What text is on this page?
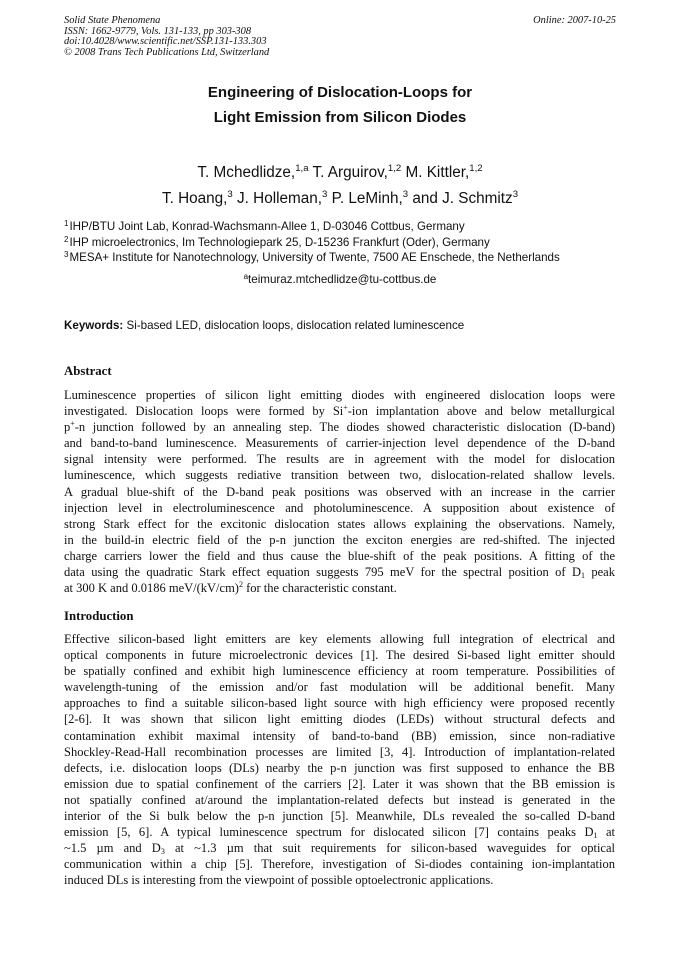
Solid State Phenomena
ISSN: 1662-9779, Vols. 131-133, pp 303-308
doi:10.4028/www.scientific.net/SSP.131-133.303
© 2008 Trans Tech Publications Ltd, Switzerland
Online: 2007-10-25
Engineering of Dislocation-Loops for
Light Emission from Silicon Diodes
T. Mchedlidze,$^{1,a}$ T. Arguirov,$^{1,2}$ M. Kittler,$^{1,2}$
T. Hoang,$^3$ J. Holleman,$^3$ P. LeMinh,$^3$ and J. Schmitz$^3$
$^1$IHP/BTU Joint Lab, Konrad-Wachsmann-Allee 1, D-03046 Cottbus, Germany
$^2$IHP microelectronics, Im Technologiepark 25, D-15236 Frankfurt (Oder), Germany
$^3$MESA+ Institute for Nanotechnology, University of Twente, 7500 AE Enschede, the Netherlands
$^a$teimuraz.mtchedlidze@tu-cottbus.de
Keywords: Si-based LED, dislocation loops, dislocation related luminescence
Abstract
Luminescence properties of silicon light emitting diodes with engineered dislocation loops were
investigated. Dislocation loops were formed by Si+-ion implantation above and below metallurgical
p+-n junction followed by an annealing step. The diodes showed characteristic dislocation (D-band)
and band-to-band luminescence. Measurements of carrier-injection level dependence of the D-band
signal intensity were performed. The results are in agreement with the model for dislocation
luminescence, which suggests rediative transition between two, dislocation-related shallow levels.
A gradual blue-shift of the D-band peak positions was observed with an increase in the carrier
injection level in electroluminescence and photoluminescence. A supposition about existence of
strong Stark effect for the excitonic dislocation states allows explaining the observations. Namely,
in the build-in electric field of the p-n junction the exciton energies are red-shifted. The injected
charge carriers lower the field and thus cause the blue-shift of the peak positions. A fitting of the
data using the quadratic Stark effect equation suggests 795 meV for the spectral position of $D_1$ peak
at 300 K and 0.0186 meV/$(kV/cm)^2$ for the characteristic constant.
Introduction
Effective silicon-based light emitters are key elements allowing full integration of electrical and
optical components in future microelectronic devices [1]. The desired Si-based light emitter should
be spatially confined and exhibit high luminescence efficiency at room temperature. Possibilities of
wavelength-tuning of the emission and/or fast modulation will be additional benefit. Many
approaches to find a suitable silicon-based light source with high efficiency were proposed recently
[2-6]. It was shown that silicon light emitting diodes (LEDs) without structural defects and
contamination exhibit maximal intensity of band-to-band (BB) emission, since non-radiative
Shockley-Read-Hall recombination processes are limited [3, 4]. Introduction of implantation-related
defects, i.e. dislocation loops (DLs) nearby the p-n junction was first supposed to enhance the BB
emission due to spatial confinement of the carriers [2]. Later it was shown that the BB emission is
not spatially confined at/around the implantation-related defects but instead is generated in the
interior of the Si bulk below the p-n junction [5]. Meanwhile, DLs revealed the so-called D-band
emission [5, 6]. A typical luminescence spectrum for dislocated silicon [7] contains peaks $D_1$ at
~1.5 µm and $D_3$ at ~1.3 µm that suit requirements for silicon-based waveguides for optical
communication within a chip [5]. Therefore, investigation of Si-diodes containing ion-implantation
induced DLs is interesting from the viewpoint of possible optoelectronic applications.
